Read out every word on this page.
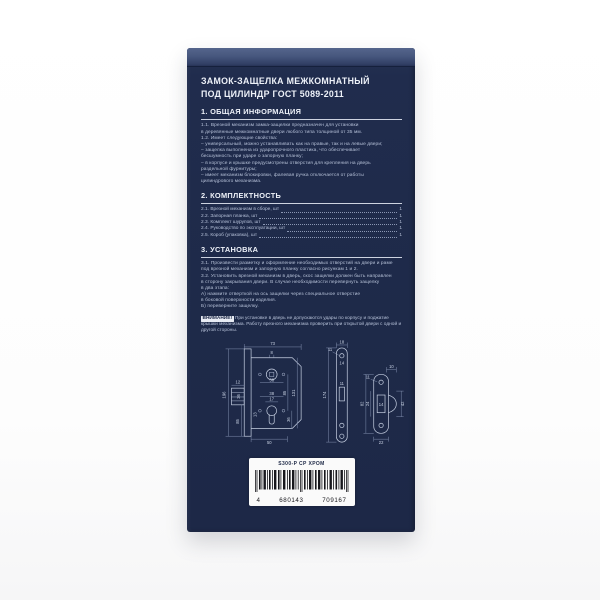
ЗАМОК-ЗАЩЕЛКА МЕЖКОМНАТНЫЙ
ПОД ЦИЛИНДР ГОСТ 5089-2011
1. ОБЩАЯ ИНФОРМАЦИЯ
1.1. Врезной механизм замка-защелки предназначен для установки
в деревянные межкомнатные двери любого типа толщиной от 35 мм.
1.2. Имеет следующие свойства:
– универсальный, можно устанавливать как на правые, так и на левые двери;
– защелка выполнена из ударопрочного пластика, что обеспечивает
бесшумность при ударе о запорную планку;
– в корпусе и крышке предусмотрены отверстия для крепления на дверь
раздельной фурнитуры;
– имеет механизм блокировки, фалевая ручка отключается от работы
цилиндрового механизма.
2. КОМПЛЕКТНОСТЬ
2.1. Врезной механизм в сборе, шт	1
2.2. Запорная планка, шт	1
2.3. Комплект шурупов, шт	1
2.4. Руководство по эксплуатации, шт	1
2.5. Короб (упаковка), шт	1
3. УСТАНОВКА
3.1. Произвести разметку и оформление необходимых отверстий на двери и раме
под врезной механизм и запорную планку согласно рисункам 1 и 2.
3.2. Установить врезной механизм в дверь, скос защелки должен быть направлен
в сторону закрывания двери. В случае необходимости перевернуть защелку
в два этапа:
А) нажмите отверткой на ось защелки через специальное отверстие
в боковой поверхности изделия.
Б) переверните защелку.
ВНИМАНИЕ! При установке в дверь не допускаются удары по корпусу и поджатие крышки механизма. Работу врезного механизма проверить при открытой двери с одной и другой стороны.
73
196
12
26
85
8
38
38
17
13
50
85 131
36
18
11
14
11
174
10
11
14
82 24	42
22
S300-P CP ХРОМ
4	680143	709167
